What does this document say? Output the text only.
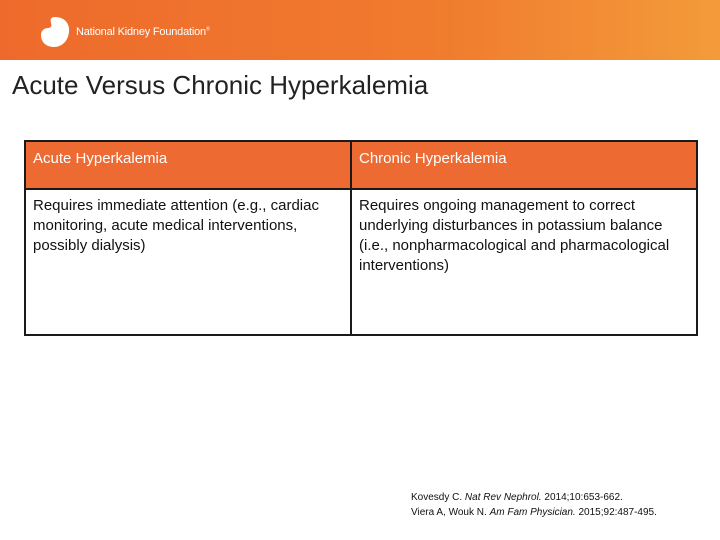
National Kidney Foundation®
Acute Versus Chronic Hyperkalemia
Acute Hyperkalemia	Chronic Hyperkalemia
Requires immediate attention (e.g., cardiac monitoring, acute medical interventions, possibly dialysis)	Requires ongoing management to correct underlying disturbances in potassium balance (i.e., nonpharmacological and pharmacological interventions)
Kovesdy C. Nat Rev Nephrol. 2014;10:653-662.
Viera A, Wouk N. Am Fam Physician. 2015;92:487-495.
